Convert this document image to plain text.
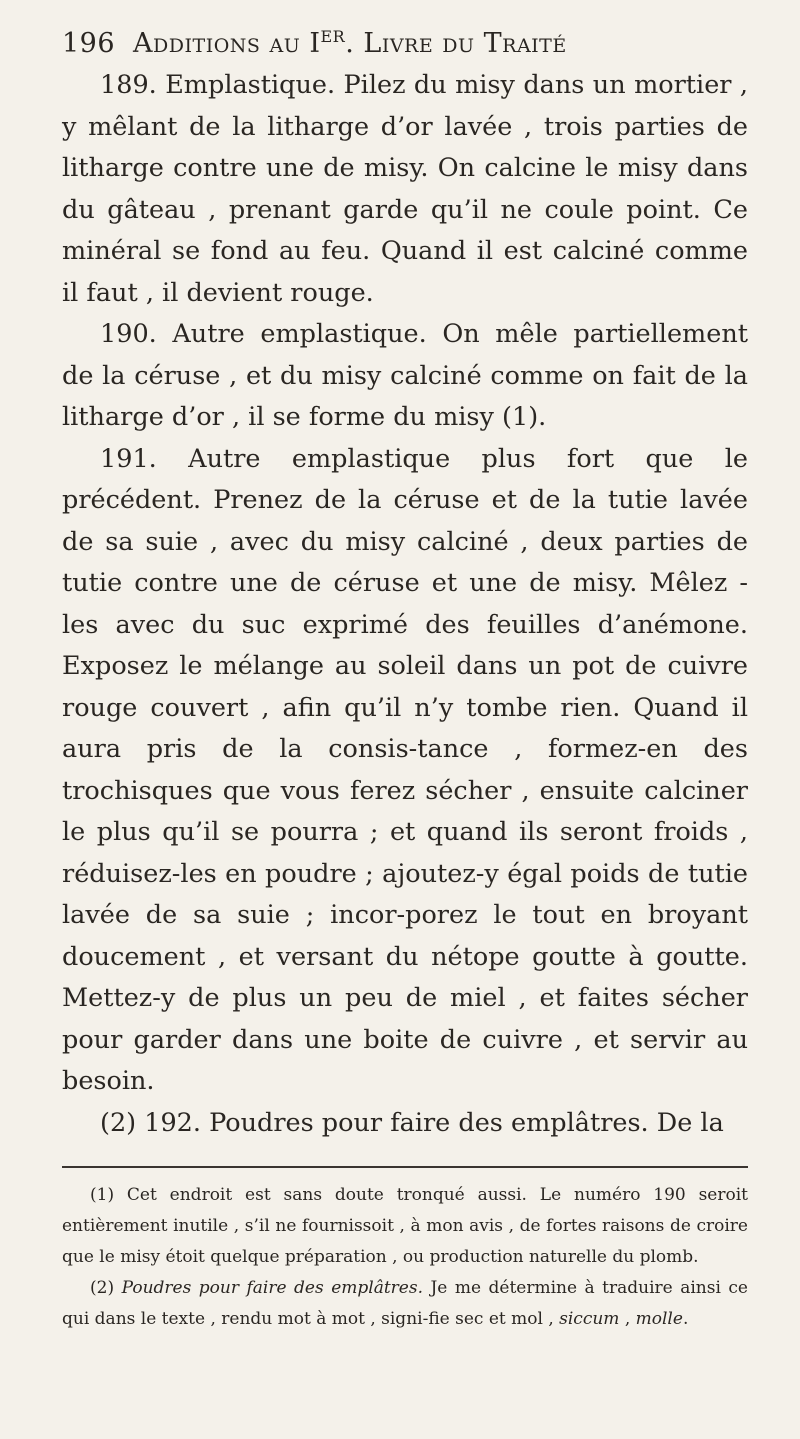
196 Additions au Ier. Livre du Traité

189. Emplastique. Pilez du misy dans un mortier , y mêlant de la litharge d’or lavée , trois parties de litharge contre une de misy. On calcine le misy dans du gâteau , prenant garde qu’il ne coule point. Ce minéral se fond au feu. Quand il est calciné comme il faut , il devient rouge.

190. Autre emplastique. On mêle partiellement de la céruse , et du misy calciné comme on fait de la litharge d’or , il se forme du misy (1).

191. Autre emplastique plus fort que le précédent. Prenez de la céruse et de la tutie lavée de sa suie , avec du misy calciné , deux parties de tutie contre une de céruse et une de misy. Mêlez - les avec du suc exprimé des feuilles d’anémone. Exposez le mélange au soleil dans un pot de cuivre rouge couvert , afin qu’il n’y tombe rien. Quand il aura pris de la consis-tance , formez-en des trochisques que vous ferez sécher , ensuite calciner le plus qu’il se pourra ; et quand ils seront froids , réduisez-les en poudre ; ajoutez-y égal poids de tutie lavée de sa suie ; incor-porez le tout en broyant doucement , et versant du nétope goutte à goutte. Mettez-y de plus un peu de miel , et faites sécher pour garder dans une boite de cuivre , et servir au besoin.

(2) 192. Poudres pour faire des emplâtres. De la

(1) Cet endroit est sans doute tronqué aussi. Le numéro 190 seroit entièrement inutile , s’il ne fournissoit , à mon avis , de fortes raisons de croire que le misy étoit quelque préparation , ou production naturelle du plomb.

(2) Poudres pour faire des emplâtres. Je me détermine à traduire ainsi ce qui dans le texte , rendu mot à mot , signi-fie sec et mol , siccum , molle.
